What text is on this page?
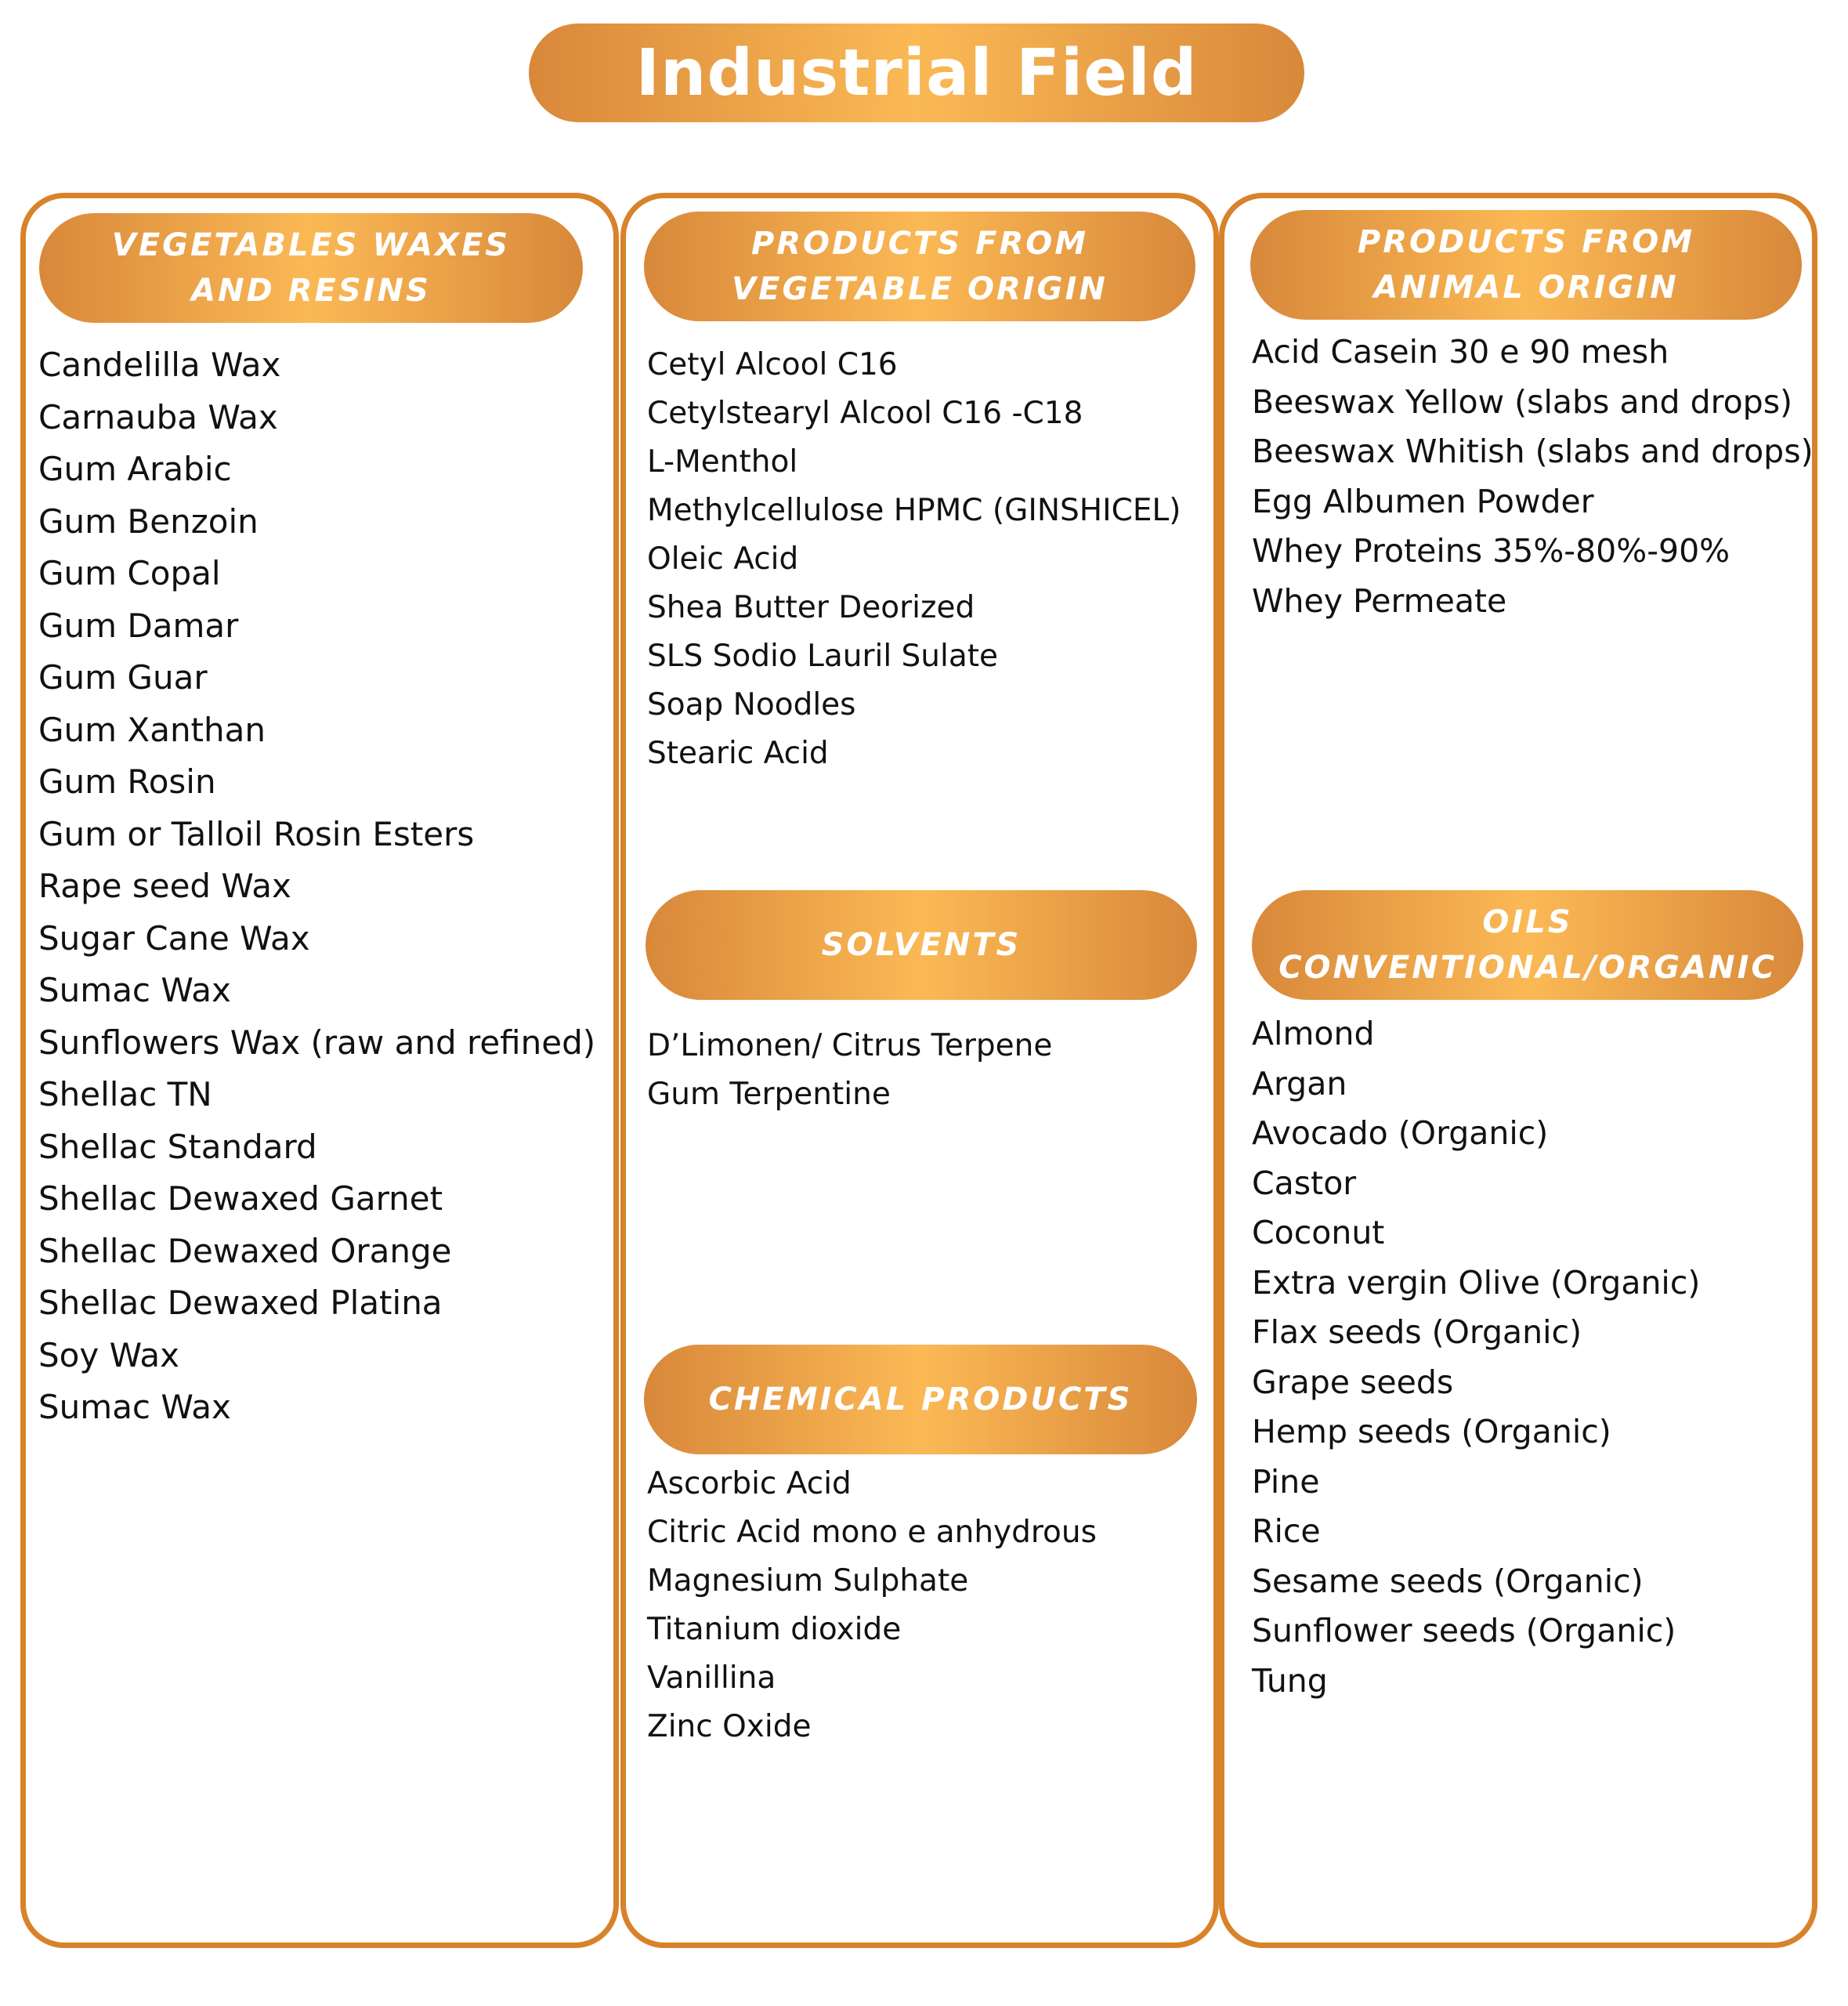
Industrial Field
VEGETABLES WAXES
AND RESINS
Candelilla Wax
Carnauba Wax
Gum Arabic
Gum Benzoin
Gum Copal
Gum Damar
Gum Guar
Gum Xanthan
Gum Rosin
Gum or Talloil Rosin Esters
Rape seed Wax
Sugar Cane Wax
Sumac Wax
Sunflowers Wax (raw and refined)
Shellac TN
Shellac Standard
Shellac Dewaxed Garnet
Shellac Dewaxed Orange
Shellac Dewaxed Platina
Soy Wax
Sumac Wax
PRODUCTS FROM
VEGETABLE ORIGIN
Cetyl Alcool C16
Cetylstearyl Alcool C16 -C18
L-Menthol
Methylcellulose HPMC (GINSHICEL)
Oleic Acid
Shea Butter Deorized
SLS Sodio Lauril Sulate
Soap Noodles
Stearic Acid
SOLVENTS
D’Limonen/ Citrus Terpene
Gum Terpentine
CHEMICAL PRODUCTS
Ascorbic Acid
Citric Acid mono e anhydrous
Magnesium Sulphate
Titanium dioxide
Vanillina
Zinc Oxide
PRODUCTS FROM
ANIMAL ORIGIN
Acid Casein 30 e 90 mesh
Beeswax Yellow (slabs and drops)
Beeswax Whitish (slabs and drops)
Egg Albumen Powder
Whey Proteins 35%-80%-90%
Whey Permeate
OILS
CONVENTIONAL/ORGANIC
Almond
Argan
Avocado (Organic)
Castor
Coconut
Extra vergin Olive (Organic)
Flax seeds (Organic)
Grape seeds
Hemp seeds (Organic)
Pine
Rice
Sesame seeds (Organic)
Sunflower seeds (Organic)
Tung
